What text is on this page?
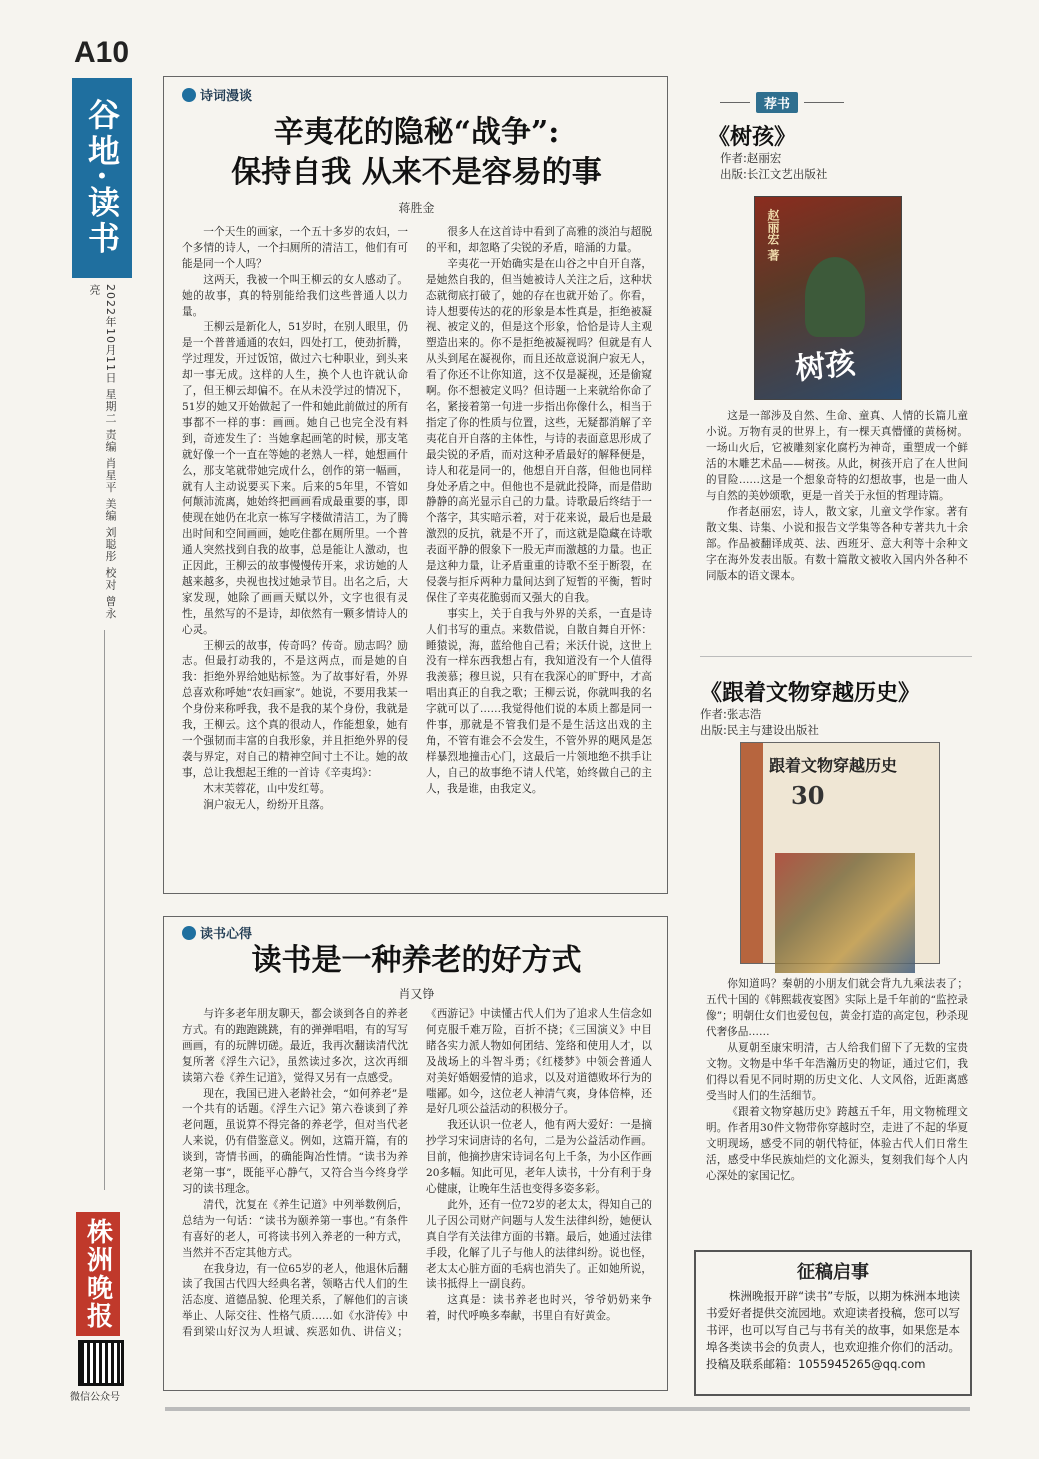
A10
谷地·读书
2022年10月11日 星期二 责编 肖星平 美编 刘聪彤 校对 曾永亮
株洲晚报
微信公众号
诗词漫谈
辛夷花的隐秘“战争”:
保持自我 从来不是容易的事
蒋胜金

一个天生的画家，一个五十多岁的农妇，一个多情的诗人，一个扫厕所的清洁工，他们有可能是同一个人吗？

这两天，我被一个叫王柳云的女人感动了。她的故事，真的特别能给我们这些普通人以力量。

王柳云是新化人，51岁时，在别人眼里，仍是一个普普通通的农妇，四处打工，使劲折腾，学过理发，开过饭馆，做过六七种职业，到头来却一事无成。这样的人生，换个人也许就认命了，但王柳云却偏不。在从未没学过的情况下，51岁的她又开始做起了一件和她此前做过的所有事都不一样的事：画画。她自己也完全没有料到，奇迹发生了：当她拿起画笔的时候，那支笔就好像一个一直在等她的老熟人一样，她想画什么，那支笔就带她完成什么，创作的第一幅画，就有人主动说要买下来。后来的5年里，不管如何颠沛流离，她始终把画画看成最重要的事，即使现在她仍在北京一栋写字楼做清洁工，为了腾出时间和空间画画，她吃住都在厕所里。一个普通人突然找到自我的故事，总是能让人激动，也正因此，王柳云的故事慢慢传开来，求访她的人越来越多，央视也找过她录节目。出名之后，大家发现，她除了画画天赋以外，文字也很有灵性，虽然写的不是诗，却依然有一颗多情诗人的心灵。

王柳云的故事，传奇吗？传奇。励志吗？励志。但最打动我的，不是这两点，而是她的自我：拒绝外界给她贴标签。为了故事好看，外界总喜欢称呼她“农妇画家”。她说，不要用我某一个身份来称呼我，我不是我的某个身份，我就是我，王柳云。这个真的很动人，作能想象，她有一个强韧而丰富的自我形象，并且拒绝外界的侵袭与界定，对自己的精神空间寸土不让。她的故事，总让我想起王维的一首诗《辛夷坞》：

木末芙蓉花，山中发红萼。

涧户寂无人，纷纷开且落。

很多人在这首诗中看到了高雅的淡泊与超脱的平和，却忽略了尖锐的矛盾，暗涌的力量。

辛夷花一开始确实是在山谷之中自开自落，是她然自我的，但当她被诗人关注之后，这种状态就彻底打破了，她的存在也就开始了。你看，诗人想要传达的花的形象是本性真是，拒绝被凝视、被定义的，但是这个形象，恰恰是诗人主观塑造出来的。你不是拒绝被凝视吗？但就是有人从头到尾在凝视你，而且还故意说涧户寂无人，看了你还不让你知道，这不仅是凝视，还是偷窥啊。你不想被定义吗？但诗题一上来就给你命了名，紧接着第一句进一步指出你像什么，相当于指定了你的性质与位置，这些，无疑都消解了辛夷花自开自落的主体性，与诗的表面意思形成了最尖锐的矛盾，而对这种矛盾最好的解释便是，诗人和花是同一的，他想自开自落，但他也同样身处矛盾之中。但他也不是就此投降，而是借助静静的高光显示自己的力量。诗歌最后终结于一个落字，其实暗示着，对于花来说，最后也是最激烈的反抗，就是不开了，而这就是隐藏在诗歌表面平静的假象下一股无声而激越的力量。也正是这种力量，让矛盾重重的诗歌不至于断裂，在侵袭与拒斥两种力量间达到了短暂的平衡，暂时保住了辛夷花脆弱而又强大的自我。

事实上，关于自我与外界的关系，一直是诗人们书写的重点。来数借说，自散自舞自开怀：睡猿说，海，蓝给他自己看；米沃什说，这世上没有一样东西我想占有，我知道没有一个人值得我羡慕；穆旦说，只有在我深心的旷野中，才高唱出真正的自我之歌；王柳云说，你就叫我的名字就可以了……我觉得他们说的本质上都是同一件事，那就是不管我们是不是生活这出戏的主角，不管有谁会不会发生，不管外界的飓风是怎样暴烈地撞击心门，这最后一片领地绝不拱手让人，自己的故事绝不请人代笔，始终做自己的主人，我是谁，由我定义。

读书心得
读书是一种养老的好方式
肖又铮

与许多老年朋友聊天，都会谈到各自的养老方式。有的跑跑跳跳，有的弹弹唱唱，有的写写画画，有的玩牌切磋。最近，我再次翻读清代沈复所著《浮生六记》，虽然读过多次，这次再细读第六卷《养生记道》，觉得又另有一点感受。

现在，我国已进入老龄社会，“如何养老”是一个共有的话题。《浮生六记》第六卷谈到了养老问题，虽说算不得完备的养老学，但对当代老人来说，仍有借鉴意义。例如，这篇开篇，有的谈到，寄情书画，的确能陶冶性情。“读书为养老第一事”，既能平心静气，又符合当今终身学习的读书理念。

清代，沈复在《养生记道》中列举数例后，总结为一句话：“读书为颐养第一事也。”有条件有喜好的老人，可将读书列入养老的一种方式，当然并不否定其他方式。

在我身边，有一位65岁的老人，他退休后翻读了我国古代四大经典名著，领略古代人们的生活态度、道德品貌、伦理关系，了解他们的言谈举止、人际交往、性格气质……如《水浒传》中看到梁山好汉为人坦诚、疾恶如仇、讲信义；《西游记》中读懂古代人们为了追求人生信念如何克服千难万险，百折不挠；《三国演义》中目睹各实力派人物如何团结、笼络和使用人才，以及战场上的斗智斗勇；《红楼梦》中领会普通人对美好婚姻爱情的追求，以及对道德败坏行为的嗤鄙。如今，这位老人神清气爽，身体倍棒，还是好几项公益活动的积极分子。

我还认识一位老人，他有两大爱好：一是摘抄学习宋词唐诗的名句，二是为公益活动作画。目前，他摘抄唐宋诗词名句上千条，为小区作画20多幅。知此可见，老年人读书，十分有利于身心健康，让晚年生活也变得多姿多彩。

此外，还有一位72岁的老太太，得知自己的儿子因公司财产问题与人发生法律纠纷，她便认真自学有关法律方面的书籍。最后，她通过法律手段，化解了儿子与他人的法律纠纷。说也怪，老太太心脏方面的毛病也消失了。正如她所说，读书抵得上一副良药。

这真是：读书养老也时兴，爷爷奶奶来争着，时代呼唤多奉献，书里自有好黄金。

荐书
《树孩》
作者:赵丽宏
出版:长江文艺出版社
赵丽宏 著
树孩

这是一部涉及自然、生命、童真、人情的长篇儿童小说。万物有灵的世界上，有一棵天真懵懂的黄杨树。一场山火后，它被雕刻家化腐朽为神奇，重塑成一个鲜活的木雕艺术品——树孩。从此，树孩开启了在人世间的冒险……这是一个想象奇特的幻想故事，也是一曲人与自然的美妙颂歌，更是一首关于永恒的哲理诗篇。

作者赵丽宏，诗人，散文家，儿童文学作家。著有散文集、诗集、小说和报告文学集等各种专著共九十余部。作品被翻译成英、法、西班牙、意大利等十余种文字在海外发表出版。有数十篇散文被收入国内外各种不同版本的语文课本。

《跟着文物穿越历史》
作者:张志浩
出版:民主与建设出版社
跟着文物穿越历史
30

你知道吗？秦朝的小朋友们就会背九九乘法表了；五代十国的《韩熙载夜宴图》实际上是千年前的“监控录像”；明朝仕女们也爱包包，黄金打造的高定包，秒杀现代奢侈品……

从夏朝至康宋明清，古人给我们留下了无数的宝贵文物。文物是中华千年浩瀚历史的物证，通过它们，我们得以看见不同时期的历史文化、人文风俗，近距离感受当时人们的生活细节。

《跟着文物穿越历史》跨越五千年，用文物梳理文明。作者用30件文物带你穿越时空，走进了不起的华夏文明现场，感受不同的朝代特征，体验古代人们日常生活，感受中华民族灿烂的文化源头，复刻我们每个人内心深处的家国记忆。

征稿启事

株洲晚报开辟“读书”专版，以期为株洲本地读书爱好者提供交流园地。欢迎读者投稿，您可以写书评，也可以写自己与书有关的故事，如果您是本埠各类读书会的负责人，也欢迎推介你们的活动。投稿及联系邮箱：1055945265@qq.com
